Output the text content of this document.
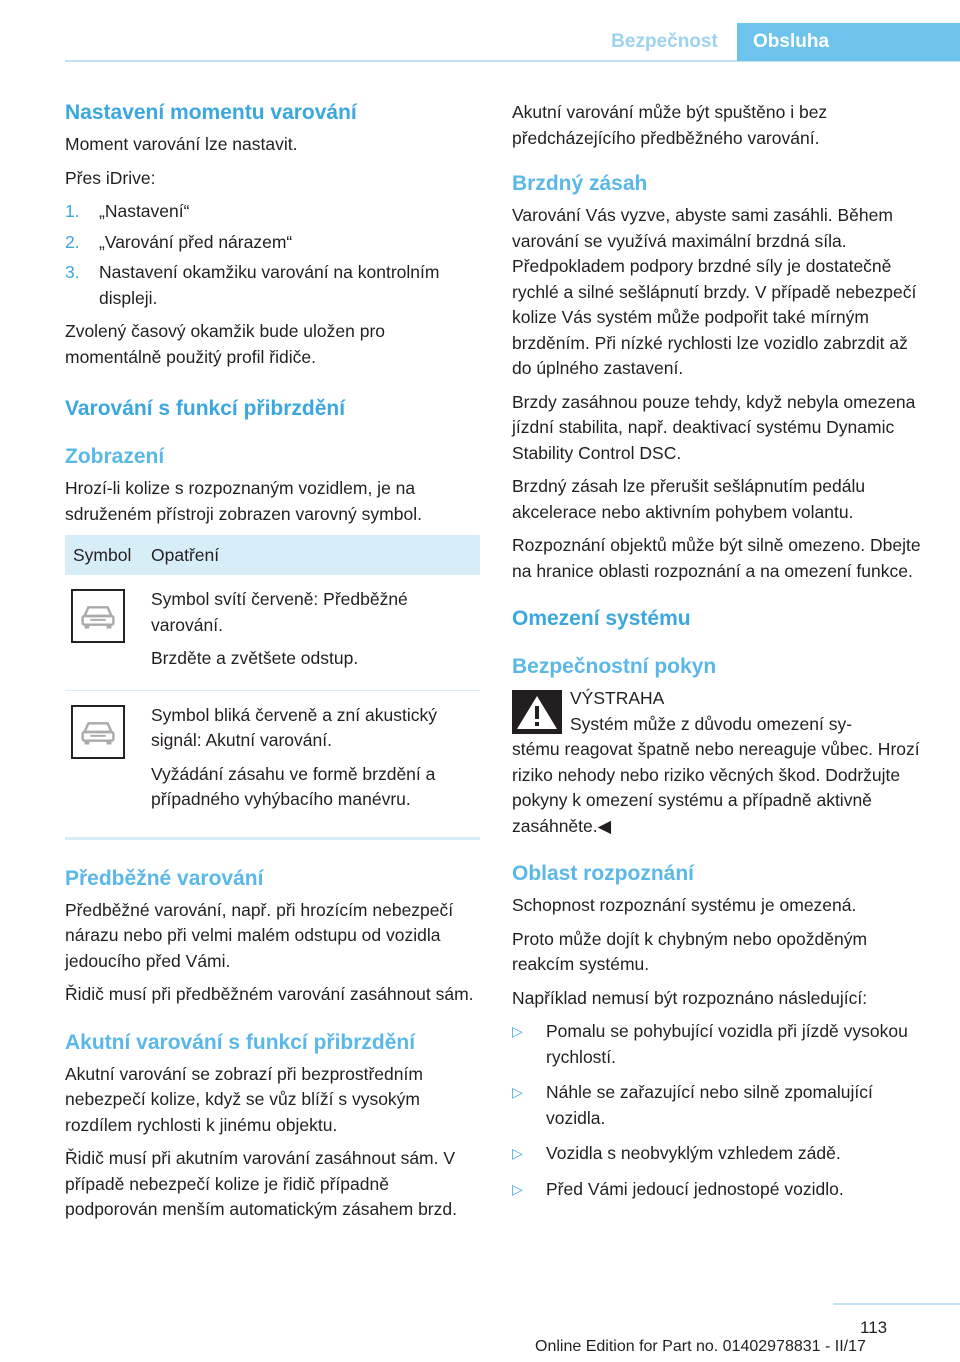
Bezpečnost	Obsluha
Nastavení momentu varování

Moment varování lze nastavit.

Přes iDrive:

1. „Nastavení“
2. „Varování před nárazem“
3. Nastavení okamžiku varování na kontrolním displeji.

Zvolený časový okamžik bude uložen pro momentálně použitý profil řidiče.

Varování s funkcí přibrzdění
Zobrazení

Hrozí-li kolize s rozpoznaným vozidlem, je na sdruženém přístroji zobrazen varovný symbol.

Symbol	Opatření

Symbol svítí červeně: Předběžné varování.

Brzděte a zvětšete odstup.

Symbol bliká červeně a zní akustický signál: Akutní varování.

Vyžádání zásahu ve formě brzdění a případného vyhýbacího manévru.

Předběžné varování

Předběžné varování, např. při hrozícím nebezpečí nárazu nebo při velmi malém odstupu od vozidla jedoucího před Vámi.

Řidič musí při předběžném varování zasáhnout sám.

Akutní varování s funkcí přibrzdění

Akutní varování se zobrazí při bezprostředním nebezpečí kolize, když se vůz blíží s vysokým rozdílem rychlosti k jinému objektu.

Řidič musí při akutním varování zasáhnout sám. V případě nebezpečí kolize je řidič případně podporován menším automatickým zásahem brzd.

Akutní varování může být spuštěno i bez předcházejícího předběžného varování.

Brzdný zásah

Varování Vás vyzve, abyste sami zasáhli. Během varování se využívá maximální brzdná síla. Předpokladem podpory brzdné síly je dostatečně rychlé a silné sešlápnutí brzdy. V případě nebezpečí kolize Vás systém může podpořit také mírným brzděním. Při nízké rychlosti lze vozidlo zabrzdit až do úplného zastavení.

Brzdy zasáhnou pouze tehdy, když nebyla omezena jízdní stabilita, např. deaktivací systému Dynamic Stability Control DSC.

Brzdný zásah lze přerušit sešlápnutím pedálu akcelerace nebo aktivním pohybem volantu.

Rozpoznání objektů může být silně omezeno. Dbejte na hranice oblasti rozpoznání a na omezení funkce.

Omezení systému
Bezpečnostní pokyn

VÝSTRAHA

Systém může z důvodu omezení sy-

stému reagovat špatně nebo nereaguje vůbec. Hrozí riziko nehody nebo riziko věcných škod. Dodržujte pokyny k omezení systému a případně aktivně zasáhněte.◀

Oblast rozpoznání

Schopnost rozpoznání systému je omezená.

Proto může dojít k chybným nebo opožděným reakcím systému.

Například nemusí být rozpoznáno následující:

▷ Pomalu se pohybující vozidla při jízdě vysokou rychlostí.
▷ Náhle se zařazující nebo silně zpomalující vozidla.
▷ Vozidla s neobvyklým vzhledem zádě.
▷ Před Vámi jedoucí jednostopé vozidlo.
113
Online Edition for Part no. 01402978831 - II/17
